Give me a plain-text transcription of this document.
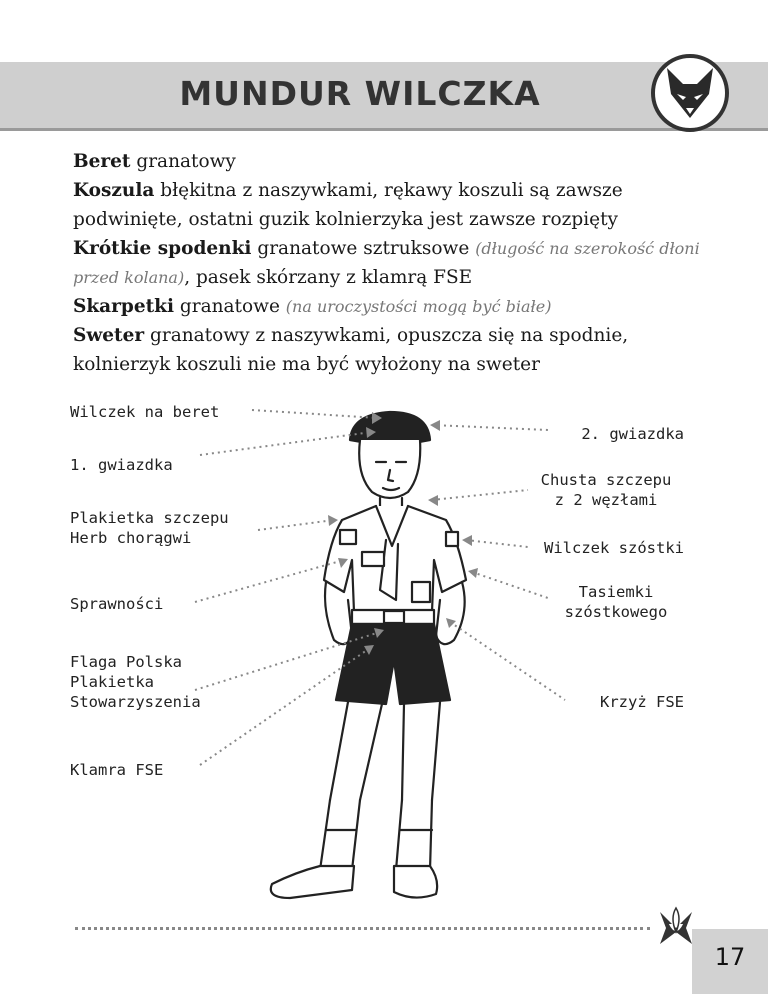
MUNDUR WILCZKA

Beret granatowy

Koszula błękitna z naszywkami, rękawy koszuli są zawsze podwinięte, ostatni guzik kolnierzyka jest zawsze rozpięty

Krótkie spodenki granatowe sztruksowe (długość na szerokość dłoni przed kolana), pasek skórzany z klamrą FSE

Skarpetki granatowe (na uroczystości mogą być białe)

Sweter granatowy z naszywkami, opuszcza się na spodnie, kolnierzyk koszuli nie ma być wyłożony na sweter

Wilczek na beret
1. gwiazdka
Plakietka szczepu
Herb chorągwi
Sprawności
Flaga Polska
Plakietka
Stowarzyszenia
Klamra FSE
2. gwiazdka
Chusta szczepu
z 2 węzłami
Wilczek szóstki
Tasiemki
szóstkowego
Krzyż FSE
17
